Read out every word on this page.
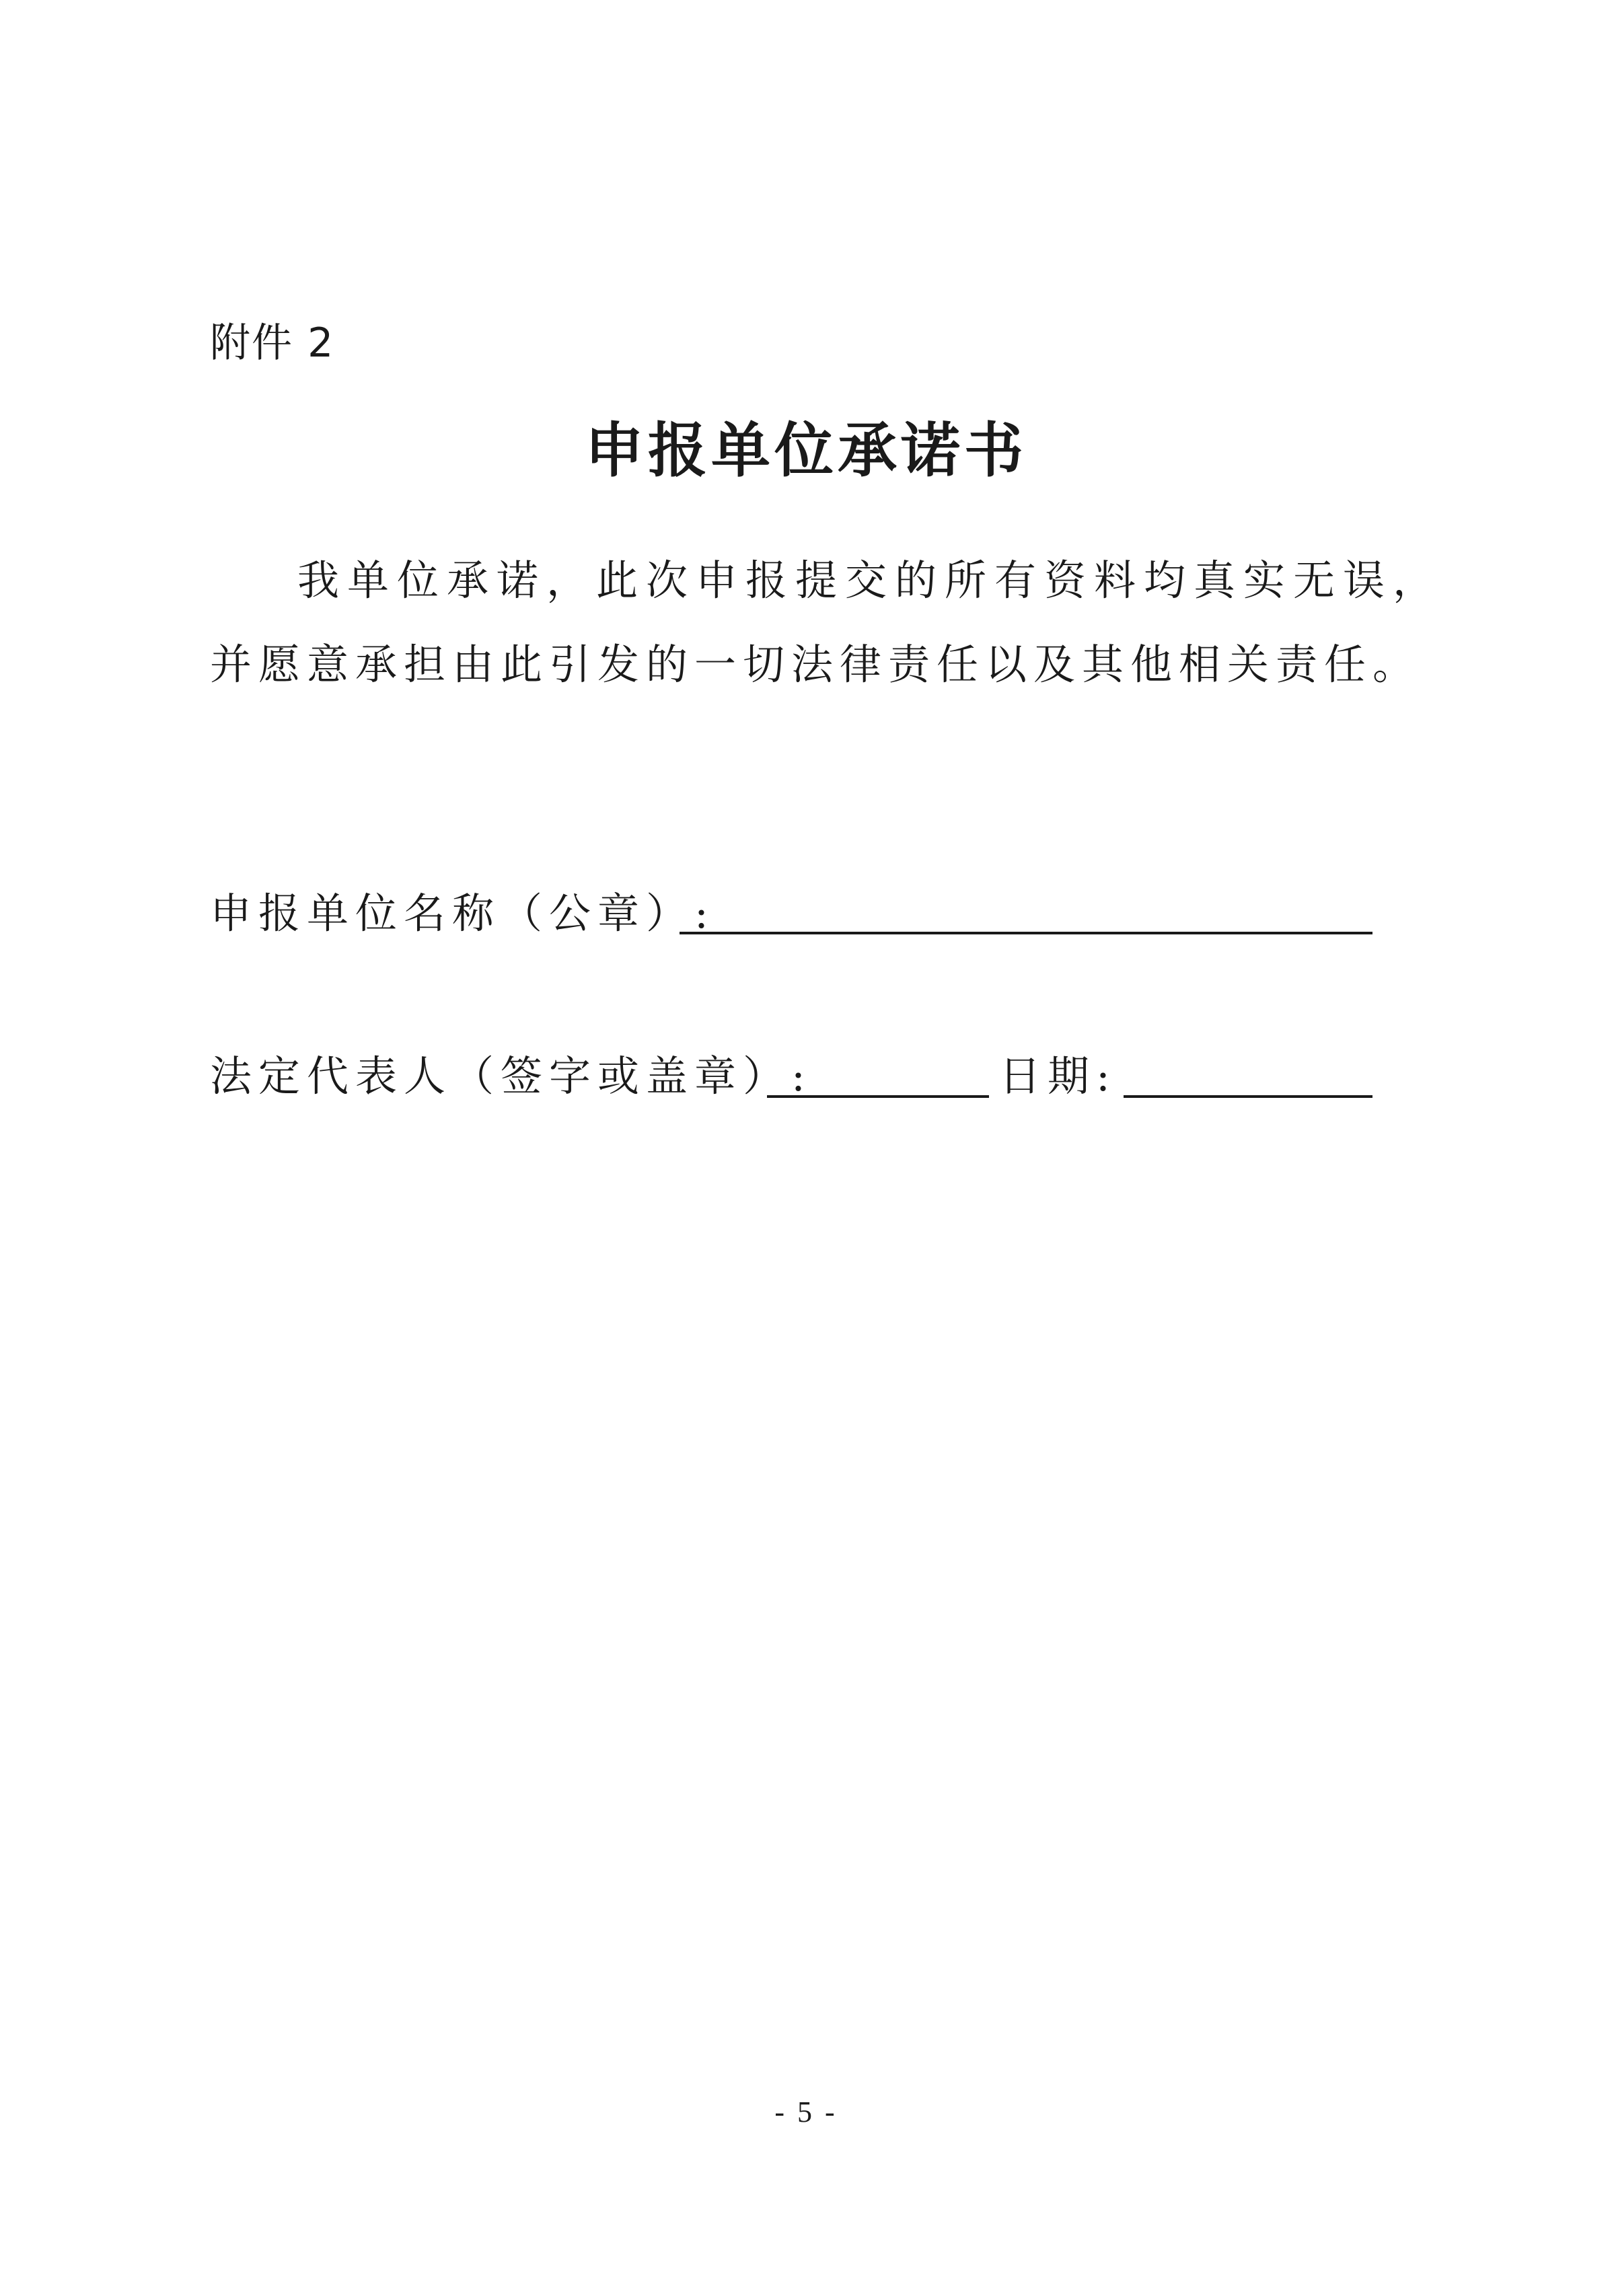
附件 2
申报单位承诺书

我单位承诺，此次申报提交的所有资料均真实无误，并愿意承担由此引发的一切法律责任以及其他相关责任。

申报单位名称（公章）:
法定代表人（签字或盖章）:	日期:
- 5 -
